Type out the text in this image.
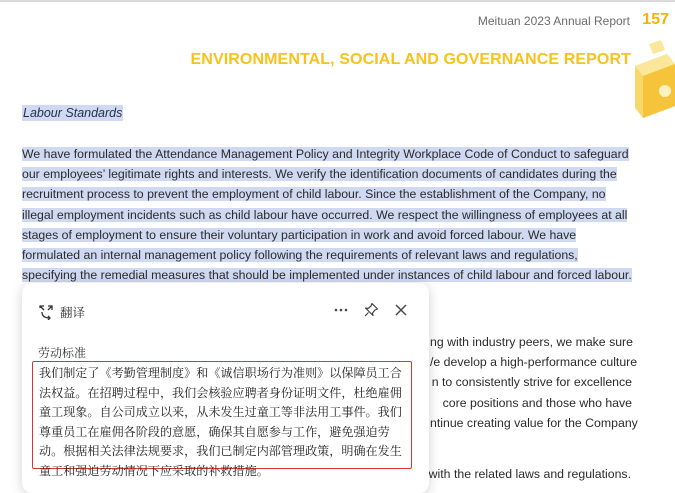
Meituan 2023 Annual Report 157
ENVIRONMENTAL, SOCIAL AND GOVERNANCE REPORT
Labour Standards
We have formulated the Attendance Management Policy and Integrity Workplace Code of Conduct to safeguard our employees’ legitimate rights and interests. We verify the identification documents of candidates during the recruitment process to prevent the employment of child labour. Since the establishment of the Company, no illegal employment incidents such as child labour have occurred. We respect the willingness of employees at all stages of employment to ensure their voluntary participation in work and avoid forced labour. We have formulated an internal management policy following the requirements of relevant laws and regulations, specifying the remedial measures that should be implemented under instances of child labour and forced labour.
ng with industry peers, we make sure
/e develop a high-performance culture
n to consistently strive for excellence
core positions and those who have
ntinue creating value for the Company
with the related laws and regulations.
翻译
劳动标准
我们制定了《考勤管理制度》和《诚信职场行为准则》以保障员工合法权益。在招聘过程中，我们会核验应聘者身份证明文件，杜绝雇佣童工现象。自公司成立以来，从未发生过童工等非法用工事件。我们尊重员工在雇佣各阶段的意愿，确保其自愿参与工作，避免强迫劳动。根据相关法律法规要求，我们已制定内部管理政策，明确在发生童工和强迫劳动情况下应采取的补救措施。
